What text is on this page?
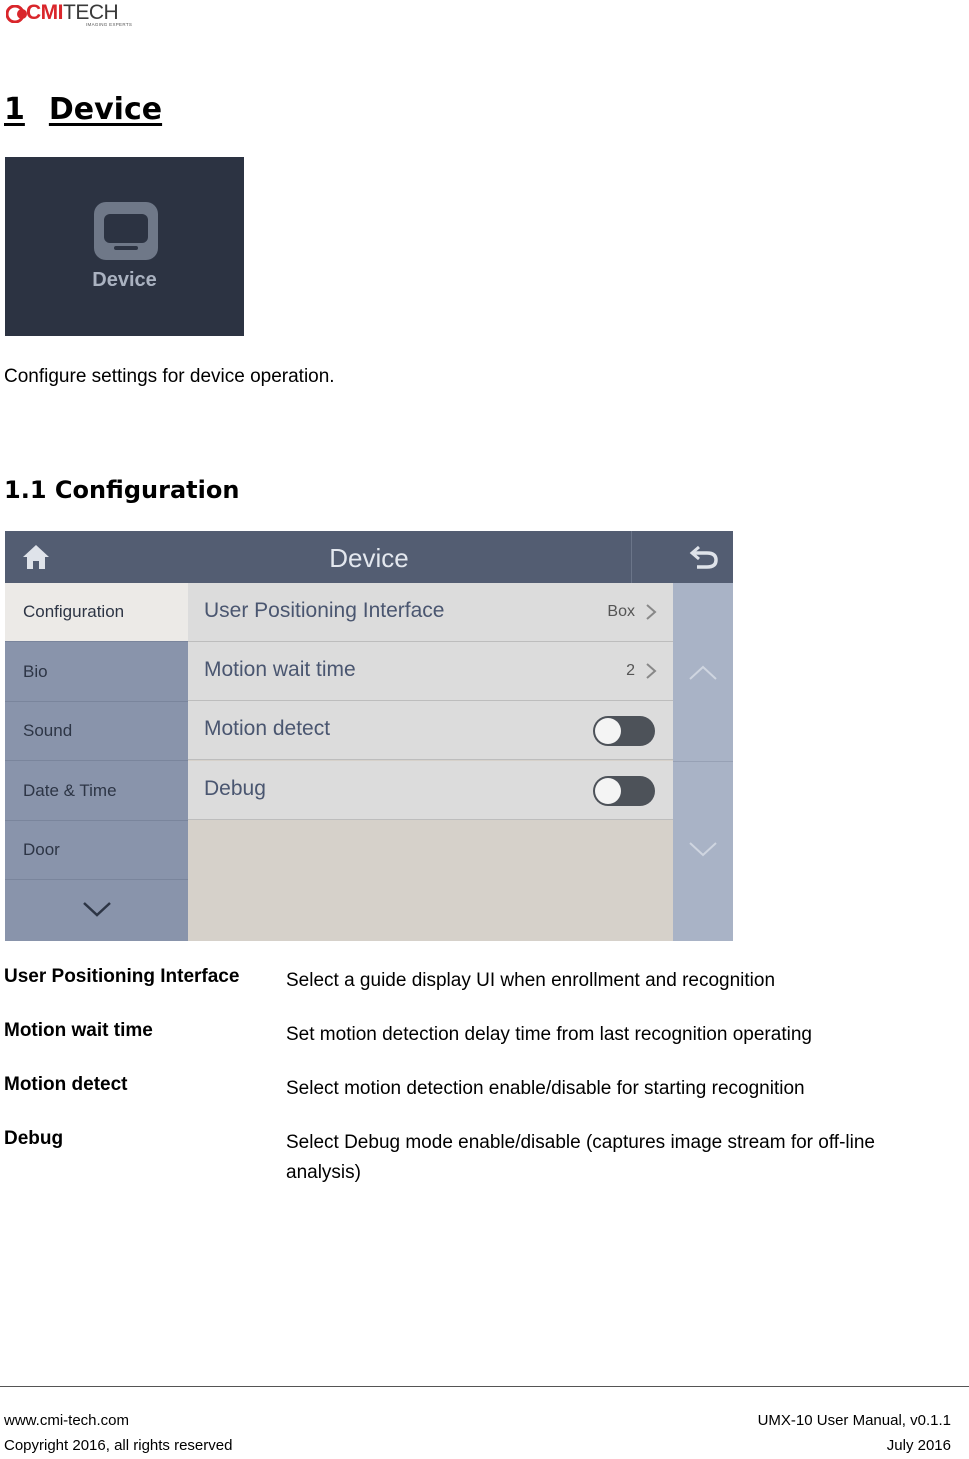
CMITECH
IMAGING EXPERTS
1 Device
Device

Configure settings for device operation.

1.1 Configuration
Device
Configuration
Bio
Sound
Date & Time
Door
User Positioning Interface	Box
Motion wait time	2
Motion detect
Debug
User Positioning Interface Select a guide display UI when enrollment and recognition
Motion wait time	Set motion detection delay time from last recognition operating
Motion detect	Select motion detection enable/disable for starting recognition
Debug	Select Debug mode enable/disable (captures image stream for off-line analysis)
www.cmi-tech.com
Copyright 2016, all rights reserved
UMX-10 User Manual, v0.1.1
July 2016
